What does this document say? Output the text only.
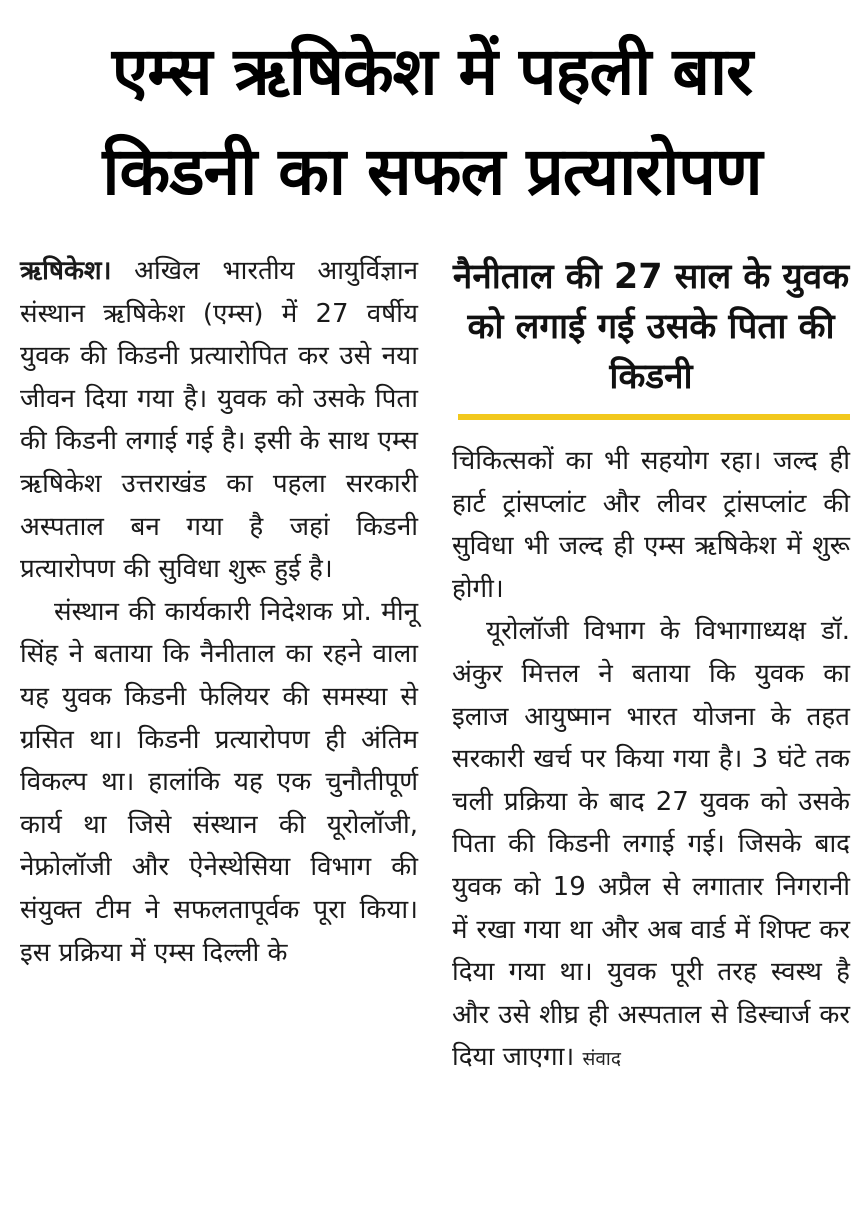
एम्स ऋषिकेश में पहली बार
किडनी का सफल प्रत्यारोपण

ऋषिकेश। अखिल भारतीय आयुर्विज्ञान संस्थान ऋषिकेश (एम्स) में 27 वर्षीय युवक की किडनी प्रत्यारोपित कर उसे नया जीवन दिया गया है। युवक को उसके पिता की किडनी लगाई गई है। इसी के साथ एम्स ऋषिकेश उत्तराखंड का पहला सरकारी अस्पताल बन गया है जहां किडनी प्रत्यारोपण की सुविधा शुरू हुई है।

संस्थान की कार्यकारी निदेशक प्रो. मीनू सिंह ने बताया कि नैनीताल का रहने वाला यह युवक किडनी फेलियर की समस्या से ग्रसित था। किडनी प्रत्यारोपण ही अंतिम विकल्प था। हालांकि यह एक चुनौतीपूर्ण कार्य था जिसे संस्थान की यूरोलॉजी, नेफ्रोलॉजी और ऐनेस्थेसिया विभाग की संयुक्त टीम ने सफलतापूर्वक पूरा किया। इस प्रक्रिया में एम्स दिल्ली के

नैनीताल की 27 साल के युवक को लगाई गई उसके पिता की किडनी

चिकित्सकों का भी सहयोग रहा। जल्द ही हार्ट ट्रांसप्लांट और लीवर ट्रांसप्लांट की सुविधा भी जल्द ही एम्स ऋषिकेश में शुरू होगी।

यूरोलॉजी विभाग के विभागाध्यक्ष डॉ. अंकुर मित्तल ने बताया कि युवक का इलाज आयुष्मान भारत योजना के तहत सरकारी खर्च पर किया गया है। 3 घंटे तक चली प्रक्रिया के बाद 27 युवक को उसके पिता की किडनी लगाई गई। जिसके बाद युवक को 19 अप्रैल से लगातार निगरानी में रखा गया था और अब वार्ड में शिफ्ट कर दिया गया था। युवक पूरी तरह स्वस्थ है और उसे शीघ्र ही अस्पताल से डिस्चार्ज कर दिया जाएगा। संवाद
